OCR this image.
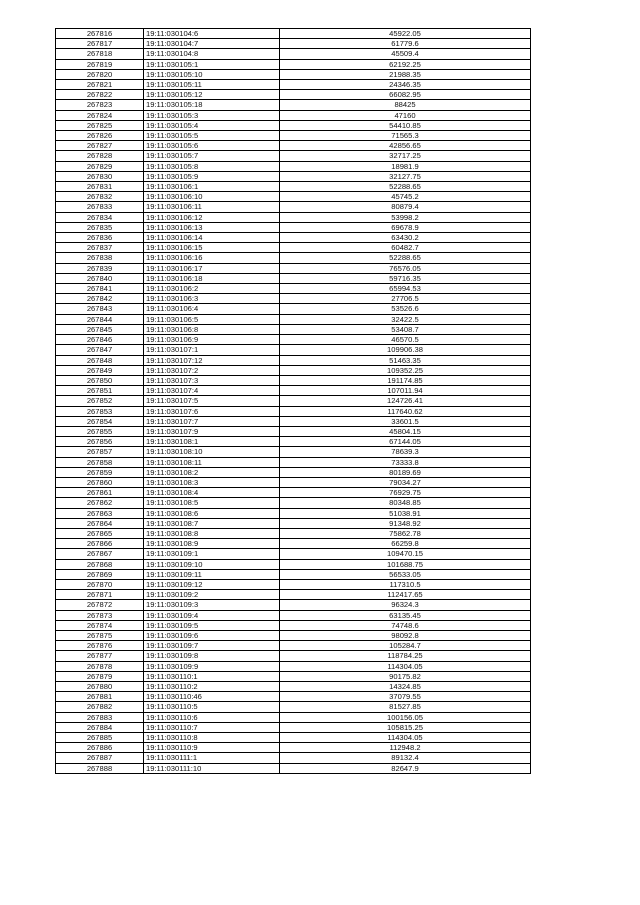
267816	19:11:030104:6	45922.05
267817	19:11:030104:7	61779.6
267818	19:11:030104:8	45509.4
267819	19:11:030105:1	62192.25
267820	19:11:030105:10	21988.35
267821	19:11:030105:11	24346.35
267822	19:11:030105:12	66082.95
267823	19:11:030105:18	88425
267824	19:11:030105:3	47160
267825	19:11:030105:4	54410.85
267826	19:11:030105:5	71565.3
267827	19:11:030105:6	42856.65
267828	19:11:030105:7	32717.25
267829	19:11:030105:8	18981.9
267830	19:11:030105:9	32127.75
267831	19:11:030106:1	52288.65
267832	19:11:030106:10	45745.2
267833	19:11:030106:11	80879.4
267834	19:11:030106:12	53998.2
267835	19:11:030106:13	69678.9
267836	19:11:030106:14	63430.2
267837	19:11:030106:15	60482.7
267838	19:11:030106:16	52288.65
267839	19:11:030106:17	76576.05
267840	19:11:030106:18	59716.35
267841	19:11:030106:2	65994.53
267842	19:11:030106:3	27706.5
267843	19:11:030106:4	53526.6
267844	19:11:030106:5	32422.5
267845	19:11:030106:8	53408.7
267846	19:11:030106:9	46570.5
267847	19:11:030107:1	109906.38
267848	19:11:030107:12	51463.35
267849	19:11:030107:2	109352.25
267850	19:11:030107:3	191174.85
267851	19:11:030107:4	107011.94
267852	19:11:030107:5	124726.41
267853	19:11:030107:6	117640.62
267854	19:11:030107:7	33601.5
267855	19:11:030107:9	45804.15
267856	19:11:030108:1	67144.05
267857	19:11:030108:10	78639.3
267858	19:11:030108:11	73333.8
267859	19:11:030108:2	80189.69
267860	19:11:030108:3	79034.27
267861	19:11:030108:4	76929.75
267862	19:11:030108:5	80348.85
267863	19:11:030108:6	51038.91
267864	19:11:030108:7	91348.92
267865	19:11:030108:8	75862.78
267866	19:11:030108:9	66259.8
267867	19:11:030109:1	109470.15
267868	19:11:030109:10	101688.75
267869	19:11:030109:11	56533.05
267870	19:11:030109:12	117310.5
267871	19:11:030109:2	112417.65
267872	19:11:030109:3	96324.3
267873	19:11:030109:4	63135.45
267874	19:11:030109:5	74748.6
267875	19:11:030109:6	98092.8
267876	19:11:030109:7	105284.7
267877	19:11:030109:8	118784.25
267878	19:11:030109:9	114304.05
267879	19:11:030110:1	90175.82
267880	19:11:030110:2	14324.85
267881	19:11:030110:46	37079.55
267882	19:11:030110:5	81527.85
267883	19:11:030110:6	100156.05
267884	19:11:030110:7	105815.25
267885	19:11:030110:8	114304.05
267886	19:11:030110:9	112948.2
267887	19:11:030111:1	89132.4
267888	19:11:030111:10	82647.9
